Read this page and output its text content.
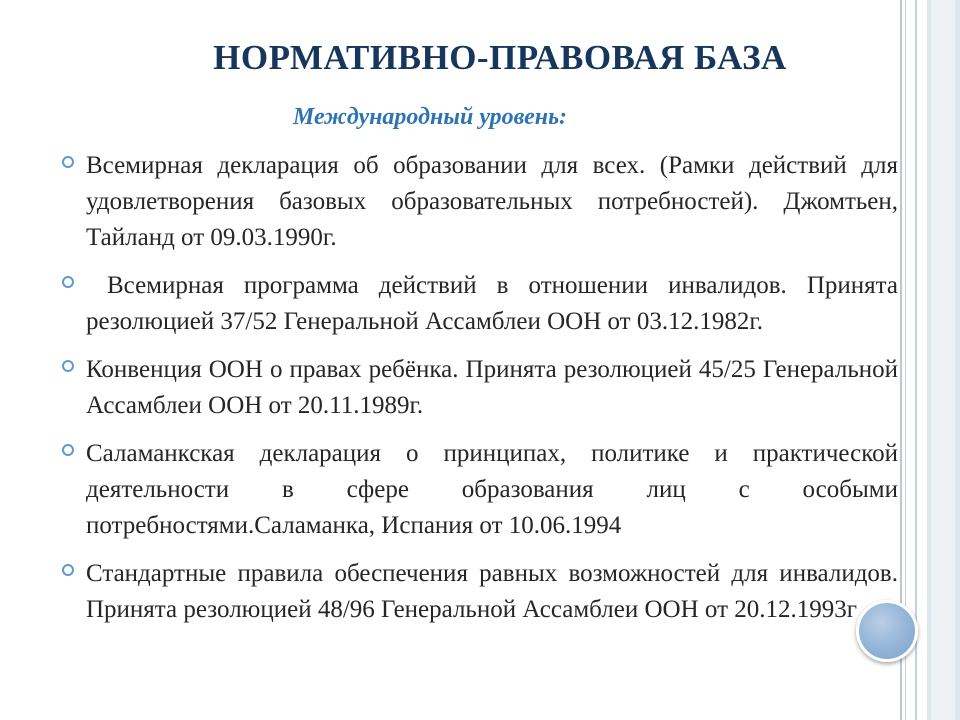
НОРМАТИВНО-ПРАВОВАЯ БАЗА
Международный уровень:
Всемирная декларация об образовании для всех. (Рамки действий для удовлетворения базовых образовательных потребностей). Джомтьен, Тайланд от 09.03.1990г.
Всемирная программа действий в отношении инвалидов. Принята резолюцией 37/52 Генеральной Ассамблеи ООН от 03.12.1982г.
Конвенция ООН о правах ребёнка. Принята резолюцией 45/25 Генеральной Ассамблеи ООН от 20.11.1989г.
Саламанкская декларация о принципах, политике и практической деятельности в сфере образования лиц с особыми потребностями.Саламанка, Испания от 10.06.1994
Стандартные правила обеспечения равных возможностей для инвалидов. Принята резолюцией 48/96 Генеральной Ассамблеи ООН от 20.12.1993г
